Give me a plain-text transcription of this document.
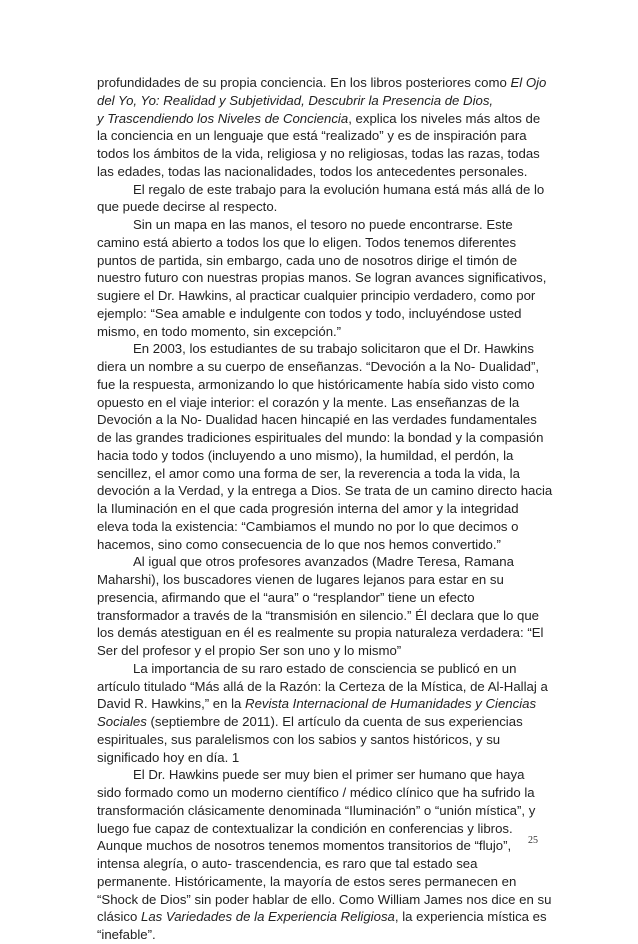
profundidades de su propia conciencia. En los libros posteriores como El Ojo
del Yo, Yo: Realidad y Subjetividad, Descubrir la Presencia de Dios,
y Trascendiendo los Niveles de Conciencia, explica los niveles más altos de
la conciencia en un lenguaje que está “realizado” y es de inspiración para
todos los ámbitos de la vida, religiosa y no religiosas, todas las razas, todas
las edades, todas las nacionalidades, todos los antecedentes personales.
El regalo de este trabajo para la evolución humana está más allá de lo
que puede decirse al respecto.
Sin un mapa en las manos, el tesoro no puede encontrarse. Este
camino está abierto a todos los que lo eligen. Todos tenemos diferentes
puntos de partida, sin embargo, cada uno de nosotros dirige el timón de
nuestro futuro con nuestras propias manos. Se logran avances significativos,
sugiere el Dr. Hawkins, al practicar cualquier principio verdadero, como por
ejemplo: “Sea amable e indulgente con todos y todo, incluyéndose usted
mismo, en todo momento, sin excepción.”
En 2003, los estudiantes de su trabajo solicitaron que el Dr. Hawkins
diera un nombre a su cuerpo de enseñanzas. “Devoción a la No- Dualidad”,
fue la respuesta, armonizando lo que históricamente había sido visto como
opuesto en el viaje interior: el corazón y la mente. Las enseñanzas de la
Devoción a la No- Dualidad hacen hincapié en las verdades fundamentales
de las grandes tradiciones espirituales del mundo: la bondad y la compasión
hacia todo y todos (incluyendo a uno mismo), la humildad, el perdón, la
sencillez, el amor como una forma de ser, la reverencia a toda la vida, la
devoción a la Verdad, y la entrega a Dios. Se trata de un camino directo hacia
la Iluminación en el que cada progresión interna del amor y la integridad
eleva toda la existencia: “Cambiamos el mundo no por lo que decimos o
hacemos, sino como consecuencia de lo que nos hemos convertido.”
Al igual que otros profesores avanzados (Madre Teresa, Ramana
Maharshi), los buscadores vienen de lugares lejanos para estar en su
presencia, afirmando que el “aura” o “resplandor” tiene un efecto
transformador a través de la “transmisión en silencio.” Él declara que lo que
los demás atestiguan en él es realmente su propia naturaleza verdadera: “El
Ser del profesor y el propio Ser son uno y lo mismo”
La importancia de su raro estado de consciencia se publicó en un
artículo titulado “Más allá de la Razón: la Certeza de la Mística, de Al-Hallaj a
David R. Hawkins,” en la Revista Internacional de Humanidades y Ciencias
Sociales (septiembre de 2011). El artículo da cuenta de sus experiencias
espirituales, sus paralelismos con los sabios y santos históricos, y su
significado hoy en día. 1
El Dr. Hawkins puede ser muy bien el primer ser humano que haya
sido formado como un moderno científico / médico clínico que ha sufrido la
transformación clásicamente denominada “Iluminación” o “unión mística”, y
luego fue capaz de contextualizar la condición en conferencias y libros.
Aunque muchos de nosotros tenemos momentos transitorios de “flujo”,
intensa alegría, o auto- trascendencia, es raro que tal estado sea
permanente. Históricamente, la mayoría de estos seres permanecen en
“Shock de Dios” sin poder hablar de ello. Como William James nos dice en su
clásico Las Variedades de la Experiencia Religiosa, la experiencia mística es
“inefable”.
25
